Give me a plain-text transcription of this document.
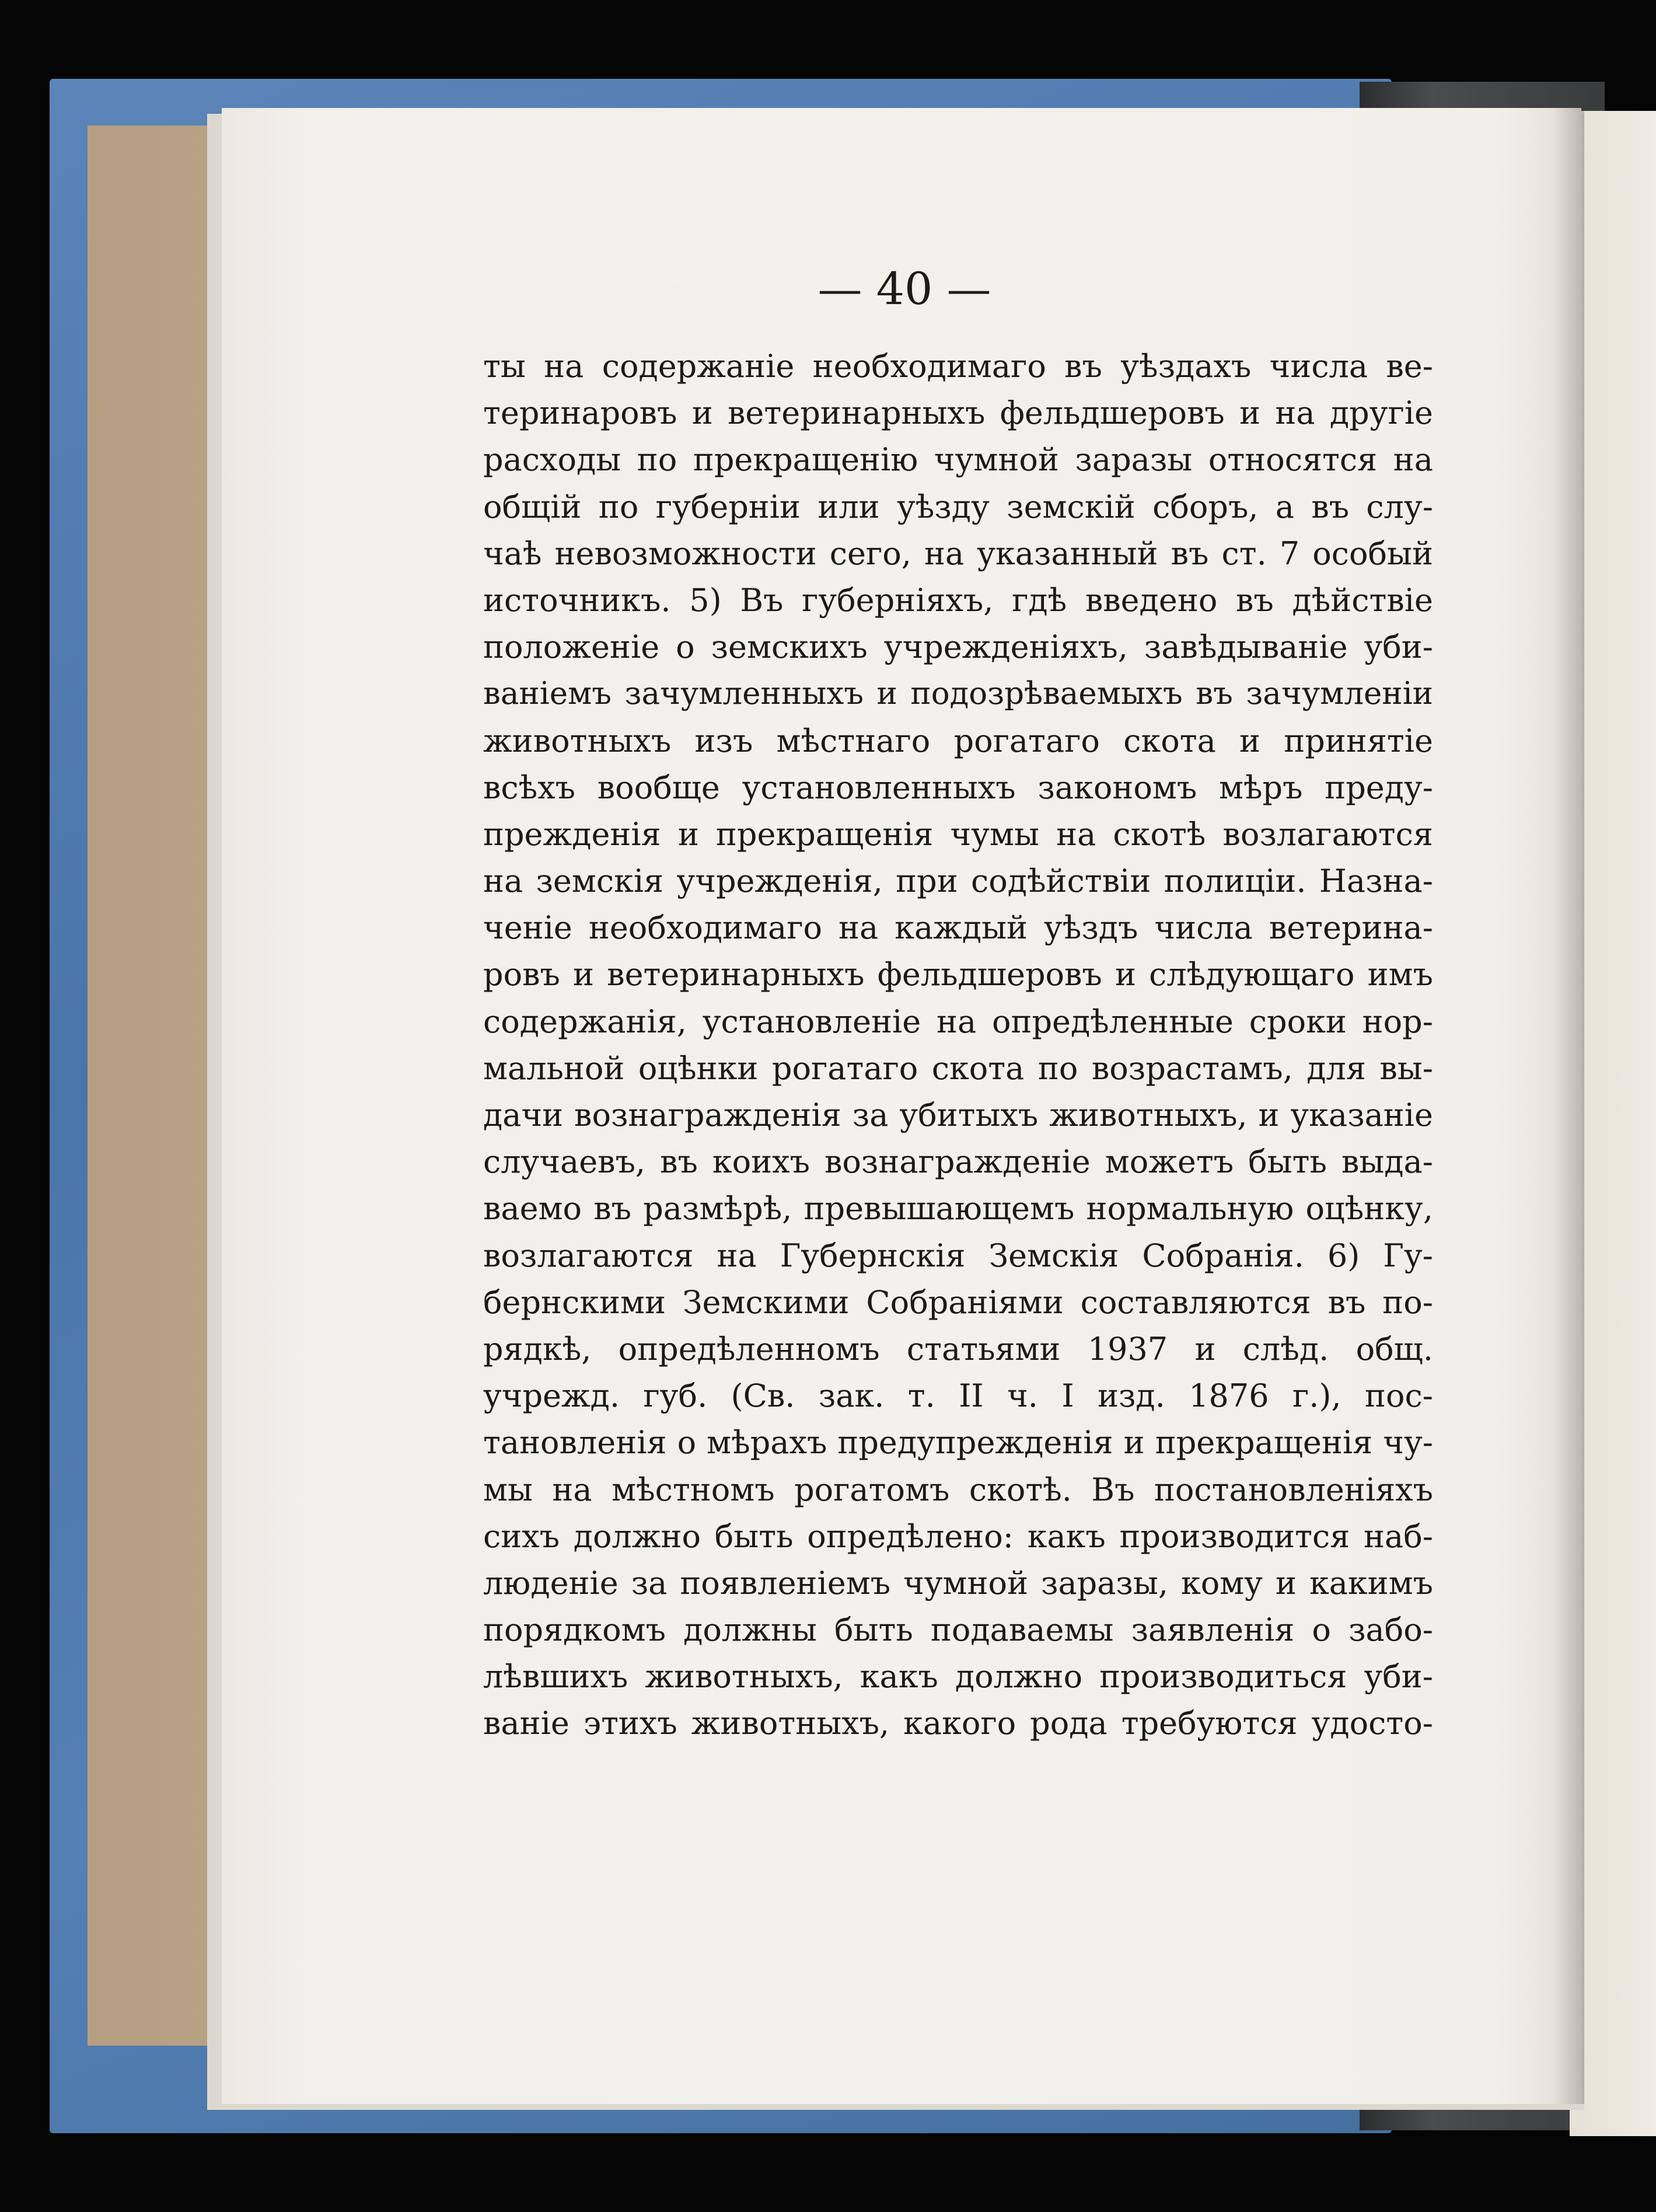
— 40 —
ты на содержанiе необходимаго въ уѣздахъ числа ве-
теринаровъ и ветеринарныхъ фельдшеровъ и на другiе
расходы по прекращенiю чумной заразы относятся на
общiй по губернiи или уѣзду земскiй сборъ, а въ слу-
чаѣ невозможности сего, на указанный въ ст. 7 особый
источникъ. 5) Въ губернiяхъ, гдѣ введено въ дѣйствiе
положенiе о земскихъ учрежденiяхъ, завѣдыванiе уби-
ванiемъ зачумленныхъ и подозрѣваемыхъ въ зачумленiи
животныхъ изъ мѣстнаго рогатаго скота и принятiе
всѣхъ вообще установленныхъ закономъ мѣръ преду-
прежденiя и прекращенiя чумы на скотѣ возлагаются
на земскiя учрежденiя, при содѣйствiи полицiи. Назна-
ченiе необходимаго на каждый уѣздъ числа ветерина-
ровъ и ветеринарныхъ фельдшеровъ и слѣдующаго имъ
содержанiя, установленiе на опредѣленные сроки нор-
мальной оцѣнки рогатаго скота по возрастамъ, для вы-
дачи вознагражденiя за убитыхъ животныхъ, и указанiе
случаевъ, въ коихъ вознагражденiе можетъ быть выда-
ваемо въ размѣрѣ, превышающемъ нормальную оцѣнку,
возлагаются на Губернскiя Земскiя Собранiя. 6) Гу-
бернскими Земскими Собранiями составляются въ по-
рядкѣ, опредѣленномъ статьями 1937 и слѣд. общ.
учрежд. губ. (Св. зак. т. II ч. I изд. 1876 г.), пос-
тановленiя о мѣрахъ предупрежденiя и прекращенiя чу-
мы на мѣстномъ рогатомъ скотѣ. Въ постановленiяхъ
сихъ должно быть опредѣлено: какъ производится наб-
люденiе за появленiемъ чумной заразы, кому и какимъ
порядкомъ должны быть подаваемы заявленiя о забо-
лѣвшихъ животныхъ, какъ должно производиться уби-
ванiе этихъ животныхъ, какого рода требуются удосто-
